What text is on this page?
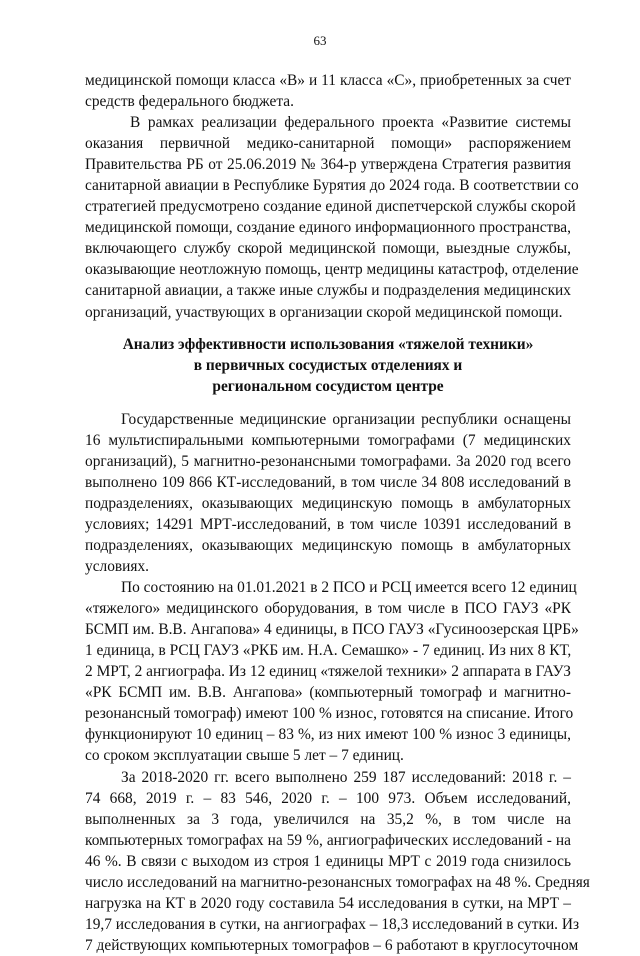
63
медицинской помощи класса «В» и 11 класса «С», приобретенных за счет
средств федерального бюджета.
В рамках реализации федерального проекта «Развитие системы
оказания первичной медико-санитарной помощи» распоряжением
Правительства РБ от 25.06.2019 № 364-р утверждена Стратегия развития
санитарной авиации в Республике Бурятия до 2024 года. В соответствии со
стратегией предусмотрено создание единой диспетчерской службы скорой
медицинской помощи, создание единого информационного пространства,
включающего службу скорой медицинской помощи, выездные службы,
оказывающие неотложную помощь, центр медицины катастроф, отделение
санитарной авиации, а также иные службы и подразделения медицинских
организаций, участвующих в организации скорой медицинской помощи.
Анализ эффективности использования «тяжелой техники»
в первичных сосудистых отделениях и
региональном сосудистом центре
Государственные медицинские организации республики оснащены
16 мультиспиральными компьютерными томографами (7 медицинских
организаций), 5 магнитно-резонансными томографами. За 2020 год всего
выполнено 109 866 КТ-исследований, в том числе 34 808 исследований в
подразделениях, оказывающих медицинскую помощь в амбулаторных
условиях; 14291 МРТ-исследований, в том числе 10391 исследований в
подразделениях, оказывающих медицинскую помощь в амбулаторных
условиях.
По состоянию на 01.01.2021 в 2 ПСО и РСЦ имеется всего 12 единиц
«тяжелого» медицинского оборудования, в том числе в ПСО ГАУЗ «РК
БСМП им. В.В. Ангапова» 4 единицы, в ПСО ГАУЗ «Гусиноозерская ЦРБ»
1 единица, в РСЦ ГАУЗ «РКБ им. Н.А. Семашко» - 7 единиц. Из них 8 КТ,
2 МРТ, 2 ангиографа. Из 12 единиц «тяжелой техники» 2 аппарата в ГАУЗ
«РК БСМП им. В.В. Ангапова» (компьютерный томограф и магнитно-
резонансный томограф) имеют 100 % износ, готовятся на списание. Итого
функционируют 10 единиц – 83 %, из них имеют 100 % износ 3 единицы,
со сроком эксплуатации свыше 5 лет – 7 единиц.
За 2018-2020 гг. всего выполнено 259 187 исследований: 2018 г. –
74 668, 2019 г. – 83 546, 2020 г. – 100 973. Объем исследований,
выполненных за 3 года, увеличился на 35,2 %, в том числе на
компьютерных томографах на 59 %, ангиографических исследований - на
46 %. В связи с выходом из строя 1 единицы МРТ с 2019 года снизилось
число исследований на магнитно-резонансных томографах на 48 %. Средняя
нагрузка на КТ в 2020 году составила 54 исследования в сутки, на МРТ –
19,7 исследования в сутки, на ангиографах – 18,3 исследований в сутки. Из
7 действующих компьютерных томографов – 6 работают в круглосуточном
